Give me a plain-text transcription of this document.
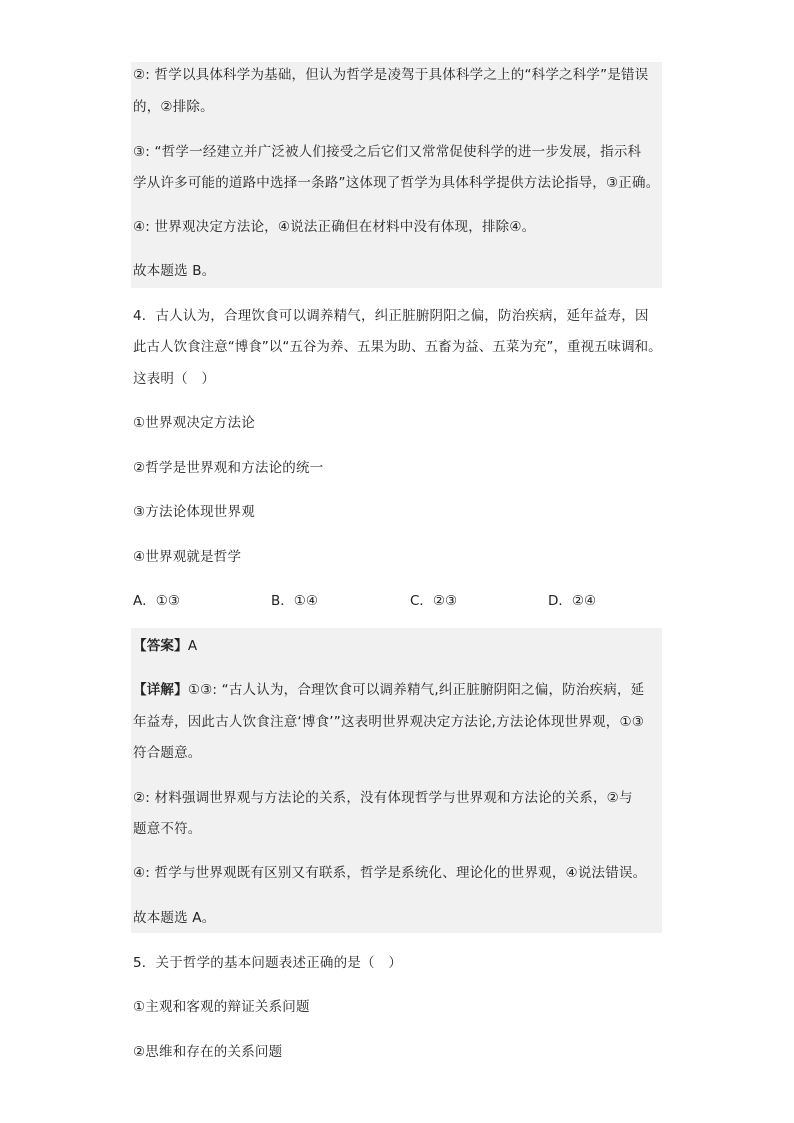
②: 哲学以具体科学为基础，但认为哲学是凌驾于具体科学之上的“科学之科学”是错误
的，②排除。
③: “哲学一经建立并广泛被人们接受之后它们又常常促使科学的进一步发展，指示科
学从许多可能的道路中选择一条路”这体现了哲学为具体科学提供方法论指导，③正确。
④: 世界观决定方法论，④说法正确但在材料中没有体现，排除④。
故本题选 B。
4．古人认为，合理饮食可以调养精气，纠正脏腑阴阳之偏，防治疾病，延年益寿，因
此古人饮食注意“博食”以“五谷为养、五果为助、五畜为益、五菜为充”，重视五味调和。
这表明（　）
①世界观决定方法论
②哲学是世界观和方法论的统一
③方法论体现世界观
④世界观就是哲学
A．①③	B．①④	C．②③	D．②④
【答案】A
【详解】①③: “古人认为，合理饮食可以调养精气,纠正脏腑阴阳之偏，防治疾病，延
年益寿，因此古人饮食注意‘博食’”这表明世界观决定方法论,方法论体现世界观，①③
符合题意。
②: 材料强调世界观与方法论的关系，没有体现哲学与世界观和方法论的关系，②与
题意不符。
④: 哲学与世界观既有区别又有联系，哲学是系统化、理论化的世界观，④说法错误。
故本题选 A。
5．关于哲学的基本问题表述正确的是（　）
①主观和客观的辩证关系问题
②思维和存在的关系问题
